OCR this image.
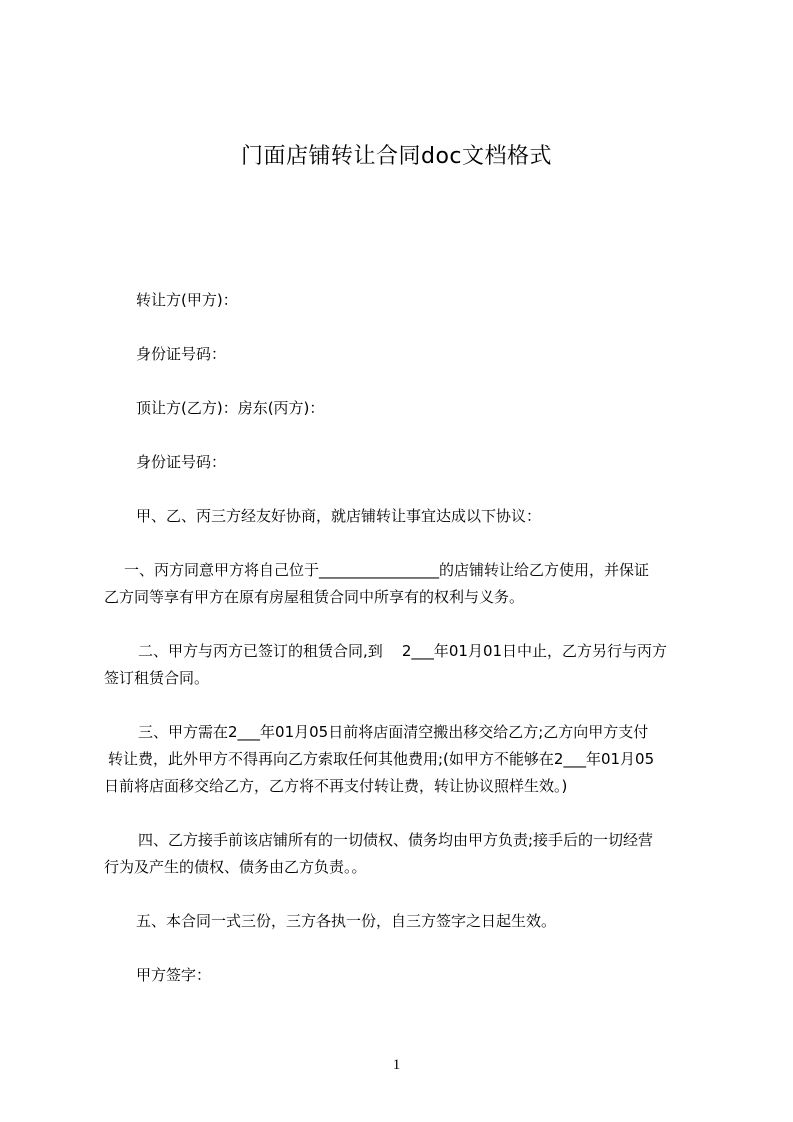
门面店铺转让合同doc文档格式

转让方(甲方)：

身份证号码：

顶让方(乙方)：房东(丙方)：

身份证号码：

甲、乙、丙三方经友好协商，就店铺转让事宜达成以下协议：

一、丙方同意甲方将自己位于________________的店铺转让给乙方使用，并保证

乙方同等享有甲方在原有房屋租赁合同中所享有的权利与义务。

二、甲方与丙方已签订的租赁合同,到    2___年01月01日中止，乙方另行与丙方

签订租赁合同。

三、甲方需在2___年01月05日前将店面清空搬出移交给乙方;乙方向甲方支付

转让费，此外甲方不得再向乙方索取任何其他费用;(如甲方不能够在2___年01月05

日前将店面移交给乙方，乙方将不再支付转让费，转让协议照样生效。)

四、乙方接手前该店铺所有的一切债权、债务均由甲方负责;接手后的一切经营

行为及产生的债权、债务由乙方负责。。

五、本合同一式三份，三方各执一份，自三方签字之日起生效。

甲方签字：

1
